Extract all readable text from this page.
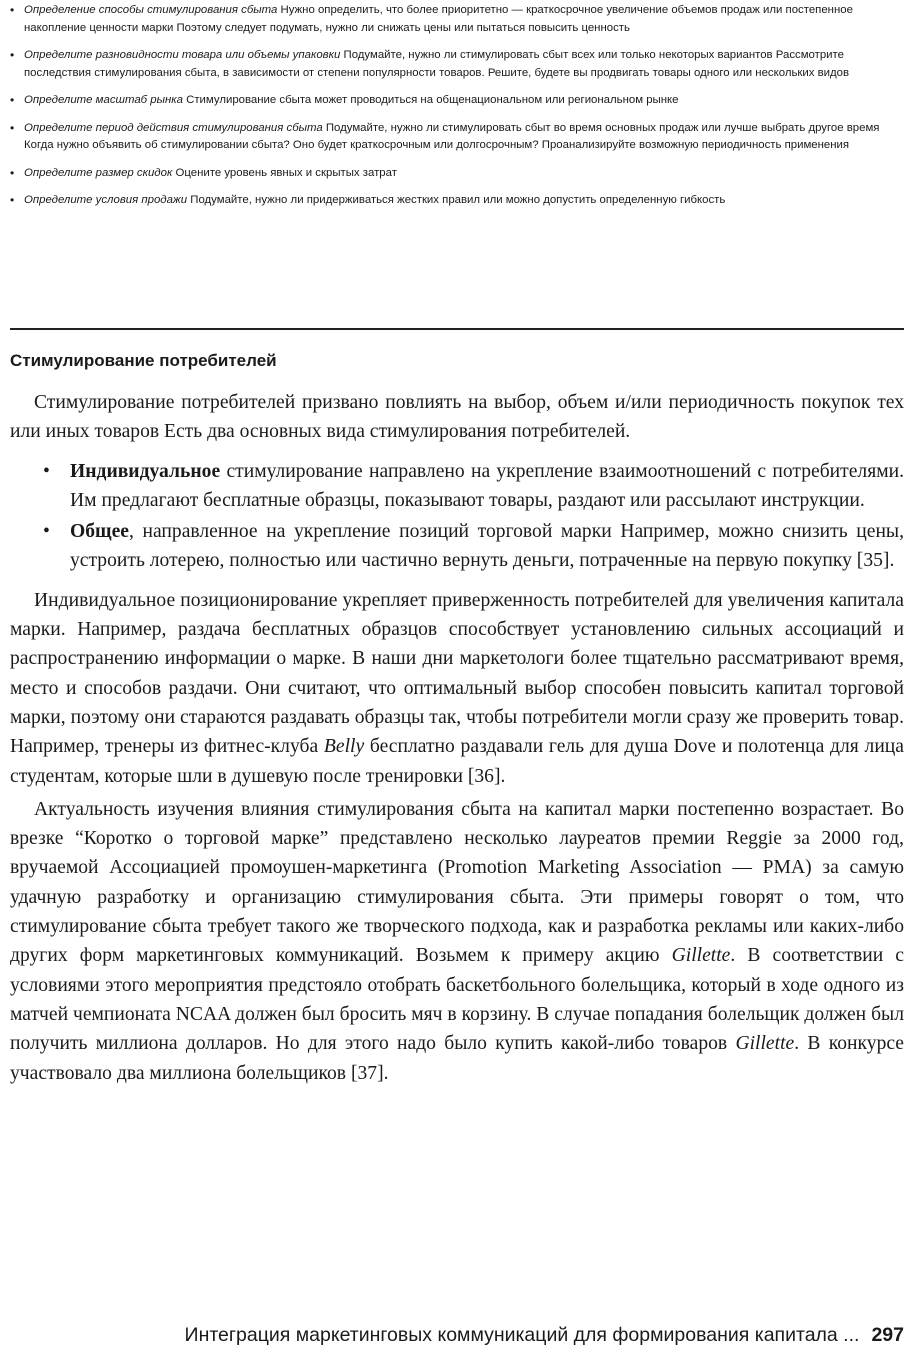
• Определение способы стимулирования сбыта Нужно определить, что более приоритетно — краткосрочное увеличение объемов продаж или постепенное накопление ценности марки Поэтому следует подумать, нужно ли снижать цены или пытаться повысить ценность
• Определите разновидности товара или объемы упаковки Подумайте, нужно ли стимулировать сбыт всех или только некоторых вариантов Рассмотрите последствия стимулирования сбыта, в зависимости от степени популярности товаров. Решите, будете вы продвигать товары одного или нескольких видов
• Определите масштаб рынка Стимулирование сбыта может проводиться на общенациональном или региональном рынке
• Определите период действия стимулирования сбыта Подумайте, нужно ли стимулировать сбыт во время основных продаж или лучше выбрать другое время Когда нужно объявить об стимулировании сбыта? Оно будет краткосрочным или долгосрочным? Проанализируйте возможную периодичность применения
• Определите размер скидок Оцените уровень явных и скрытых затрат
• Определите условия продажи Подумайте, нужно ли придерживаться жестких правил или можно допустить определенную гибкость
Стимулирование потребителей

Стимулирование потребителей призвано повлиять на выбор, объем и/или периодичность покупок тех или иных товаров Есть два основных вида стимулирования потребителей.

• Индивидуальное стимулирование направлено на укрепление взаимоотношений с потребителями. Им предлагают бесплатные образцы, показывают товары, раздают или рассылают инструкции.
• Общее, направленное на укрепление позиций торговой марки Например, можно снизить цены, устроить лотерею, полностью или частично вернуть деньги, потраченные на первую покупку [35].

Индивидуальное позиционирование укрепляет приверженность потребителей для увеличения капитала марки. Например, раздача бесплатных образцов способствует установлению сильных ассоциаций и распространению информации о марке. В наши дни маркетологи более тщательно рассматривают время, место и способов раздачи. Они считают, что оптимальный выбор способен повысить капитал торговой марки, поэтому они стараются раздавать образцы так, чтобы потребители могли сразу же проверить товар. Например, тренеры из фитнес-клуба Belly бесплатно раздавали гель для душа Dove и полотенца для лица студентам, которые шли в душевую после тренировки [36].

Актуальность изучения влияния стимулирования сбыта на капитал марки постепенно возрастает. Во врезке “Коротко о торговой марке” представлено несколько лауреатов премии Reggie за 2000 год, вручаемой Ассоциацией промоушен-маркетинга (Promotion Marketing Association — PMA) за самую удачную разработку и организацию стимулирования сбыта. Эти примеры говорят о том, что стимулирование сбыта требует такого же творческого подхода, как и разработка рекламы или каких-либо других форм маркетинговых коммуникаций. Возьмем к примеру акцию Gillette. В соответствии с условиями этого мероприятия предстояло отобрать баскетбольного болельщика, который в ходе одного из матчей чемпионата NCAA должен был бросить мяч в корзину. В случае попадания болельщик должен был получить миллиона долларов. Но для этого надо было купить какой-либо товаров Gillette. В конкурсе участвовало два миллиона болельщиков [37].

Интеграция маркетинговых коммуникаций для формирования капитала ... 297
